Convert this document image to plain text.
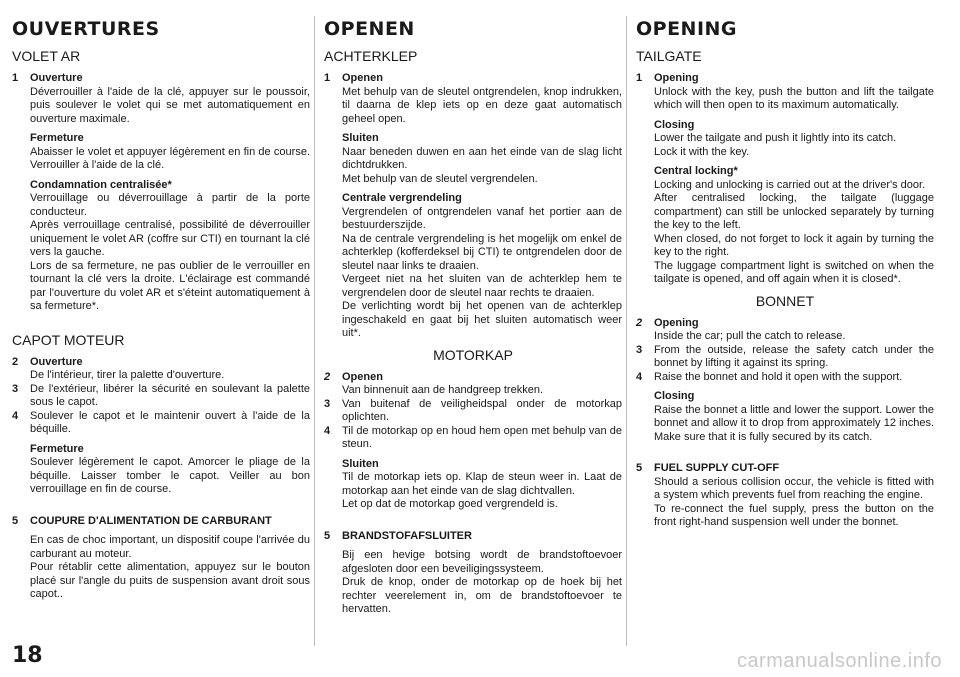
OUVERTURES
VOLET AR
1	Ouverture
Déverrouiller à l'aide de la clé, appuyer sur le poussoir, puis soulever le volet qui se met automatiquement en ouverture maximale.
Fermeture
Abaisser le volet et appuyer légèrement en fin de course. Verrouiller à l'aide de la clé.
Condamnation centralisée*
Verrouillage ou déverrouillage à partir de la porte conducteur.
Après verrouillage centralisé, possibilité de déverrouiller uniquement le volet AR (coffre sur CTI) en tournant la clé vers la gauche.
Lors de sa fermeture, ne pas oublier de le verrouiller en tournant la clé vers la droite. L'éclairage est commandé par l'ouverture du volet AR et s'éteint automatiquement à sa fermeture*.
CAPOT MOTEUR
2	Ouverture
De l'intérieur, tirer la palette d'ouverture.
3	De l'extérieur, libérer la sécurité en soulevant la palette sous le capot.
4	Soulever le capot et le maintenir ouvert à l'aide de la béquille.
Fermeture
Soulever légèrement le capot. Amorcer le pliage de la béquille. Laisser tomber le capot. Veiller au bon verrouillage en fin de course.
5	COUPURE D'ALIMENTATION DE CARBURANT
En cas de choc important, un dispositif coupe l'arrivée du carburant au moteur.
Pour rétablir cette alimentation, appuyez sur le bouton placé sur l'angle du puits de suspension avant droit sous capot..
OPENEN
ACHTERKLEP
1	Openen
Met behulp van de sleutel ontgrendelen, knop indrukken, til daarna de klep iets op en deze gaat automatisch geheel open.
Sluiten
Naar beneden duwen en aan het einde van de slag licht dichtdrukken.
Met behulp van de sleutel vergrendelen.
Centrale vergrendeling
Vergrendelen of ontgrendelen vanaf het portier aan de bestuurderszijde.
Na de centrale vergrendeling is het mogelijk om enkel de achterklep (kofferdeksel bij CTI) te ontgrendelen door de sleutel naar links te draaien.
Vergeet niet na het sluiten van de achterklep hem te vergrendelen door de sleutel naar rechts te draaien.
De verlichting wordt bij het openen van de achterklep ingeschakeld en gaat bij het sluiten automatisch weer uit*.
MOTORKAP
2	Openen
Van binnenuit aan de handgreep trekken.
3	Van buitenaf de veiligheidspal onder de motorkap oplichten.
4	Til de motorkap op en houd hem open met behulp van de steun.
Sluiten
Til de motorkap iets op. Klap de steun weer in. Laat de motorkap aan het einde van de slag dichtvallen.
Let op dat de motorkap goed vergrendeld is.
5	BRANDSTOFAFSLUITER
Bij een hevige botsing wordt de brandstoftoevoer afgesloten door een beveiligingssysteem.
Druk de knop, onder de motorkap op de hoek bij het rechter veerelement in, om de brandstoftoevoer te hervatten.
OPENING
TAILGATE
1	Opening
Unlock with the key, push the button and lift the tailgate which will then open to its maximum automatically.
Closing
Lower the tailgate and push it lightly into its catch.
Lock it with the key.
Central locking*
Locking and unlocking is carried out at the driver's door.
After centralised locking, the tailgate (luggage compartment) can still be unlocked separately by turning the key to the left.
When closed, do not forget to lock it again by turning the key to the right.
The luggage compartment light is switched on when the tailgate is opened, and off again when it is closed*.
BONNET
2	Opening
Inside the car; pull the catch to release.
3	From the outside, release the safety catch under the bonnet by lifting it against its spring.
4	Raise the bonnet and hold it open with the support.
Closing
Raise the bonnet a little and lower the support. Lower the bonnet and allow it to drop from approximately 12 inches. Make sure that it is fully secured by its catch.
5	FUEL SUPPLY CUT-OFF
Should a serious collision occur, the vehicle is fitted with a system which prevents fuel from reaching the engine.
To re-connect the fuel supply, press the button on the front right-hand suspension well under the bonnet.
18	carmanualsonline.info
